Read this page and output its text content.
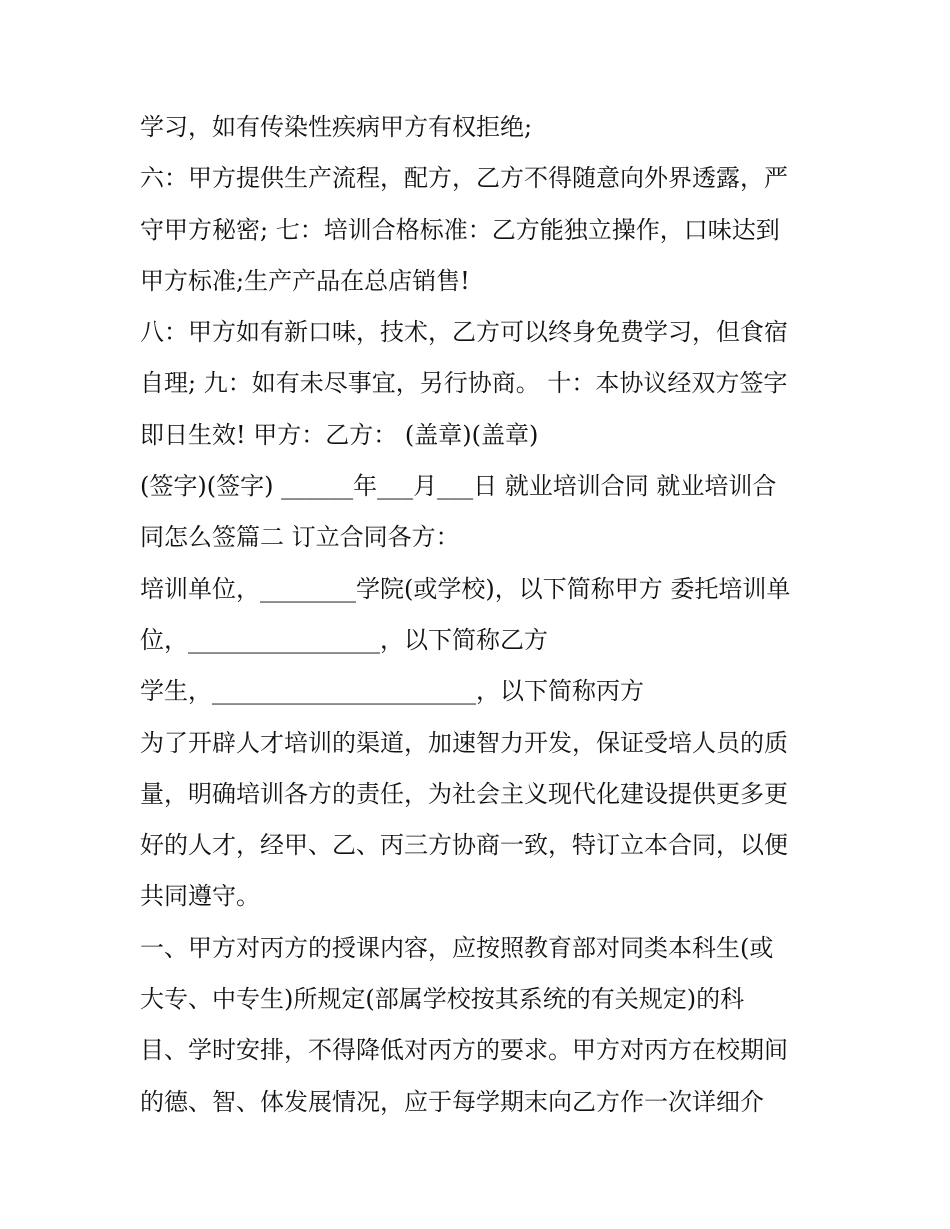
学习，如有传染性疾病甲方有权拒绝;
六：甲方提供生产流程，配方，乙方不得随意向外界透露，严
守甲方秘密; 七：培训合格标准：乙方能独立操作，口味达到
甲方标准;生产产品在总店销售!
八：甲方如有新口味，技术，乙方可以终身免费学习，但食宿
自理; 九：如有未尽事宜，另行协商。 十：本协议经双方签字
即日生效! 甲方：乙方： (盖章)(盖章)
(签字)(签字) ______年___月___日 就业培训合同 就业培训合
同怎么签篇二 订立合同各方：
培训单位，________学院(或学校)，以下简称甲方 委托培训单
位，________________，以下简称乙方
学生，______________________，以下简称丙方
为了开辟人才培训的渠道，加速智力开发，保证受培人员的质
量，明确培训各方的责任，为社会主义现代化建设提供更多更
好的人才，经甲、乙、丙三方协商一致，特订立本合同，以便
共同遵守。
一、甲方对丙方的授课内容，应按照教育部对同类本科生(或
大专、中专生)所规定(部属学校按其系统的有关规定)的科
目、学时安排，不得降低对丙方的要求。甲方对丙方在校期间
的德、智、体发展情况，应于每学期末向乙方作一次详细介
